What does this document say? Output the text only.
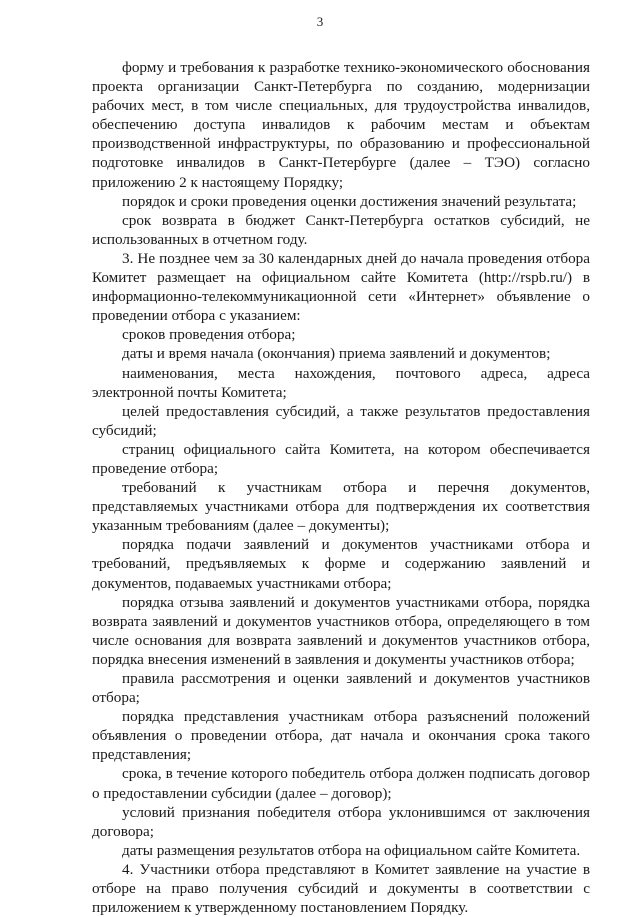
3

форму и требования к разработке технико-экономического обоснования проекта организации Санкт-Петербурга по созданию, модернизации рабочих мест, в том числе специальных, для трудоустройства инвалидов, обеспечению доступа инвалидов к рабочим местам и объектам производственной инфраструктуры, по образованию и профессиональной подготовке инвалидов в Санкт-Петербурге (далее – ТЭО) согласно приложению 2 к настоящему Порядку;

порядок и сроки проведения оценки достижения значений результата;

срок возврата в бюджет Санкт-Петербурга остатков субсидий, не использованных в отчетном году.

3. Не позднее чем за 30 календарных дней до начала проведения отбора Комитет размещает на официальном сайте Комитета (http://rspb.ru/) в информационно-телекоммуникационной сети «Интернет» объявление о проведении отбора с указанием:

сроков проведения отбора;

даты и время начала (окончания) приема заявлений и документов;

наименования, места нахождения, почтового адреса, адреса электронной почты Комитета;

целей предоставления субсидий, а также результатов предоставления субсидий;

страниц официального сайта Комитета, на котором обеспечивается проведение отбора;

требований к участникам отбора и перечня документов, представляемых участниками отбора для подтверждения их соответствия указанным требованиям (далее – документы);

порядка подачи заявлений и документов участниками отбора и требований, предъявляемых к форме и содержанию заявлений и документов, подаваемых участниками отбора;

порядка отзыва заявлений и документов участниками отбора, порядка возврата заявлений и документов участников отбора, определяющего в том числе основания для возврата заявлений и документов участников отбора, порядка внесения изменений в заявления и документы участников отбора;

правила рассмотрения и оценки заявлений и документов участников отбора;

порядка представления участникам отбора разъяснений положений объявления о проведении отбора, дат начала и окончания срока такого представления;

срока, в течение которого победитель отбора должен подписать договор о предоставлении субсидии (далее – договор);

условий признания победителя отбора уклонившимся от заключения договора;

даты размещения результатов отбора на официальном сайте Комитета.

4. Участники отбора представляют в Комитет заявление на участие в отборе на право получения субсидий и документы в соответствии с приложением к утвержденному постановлением Порядку.
